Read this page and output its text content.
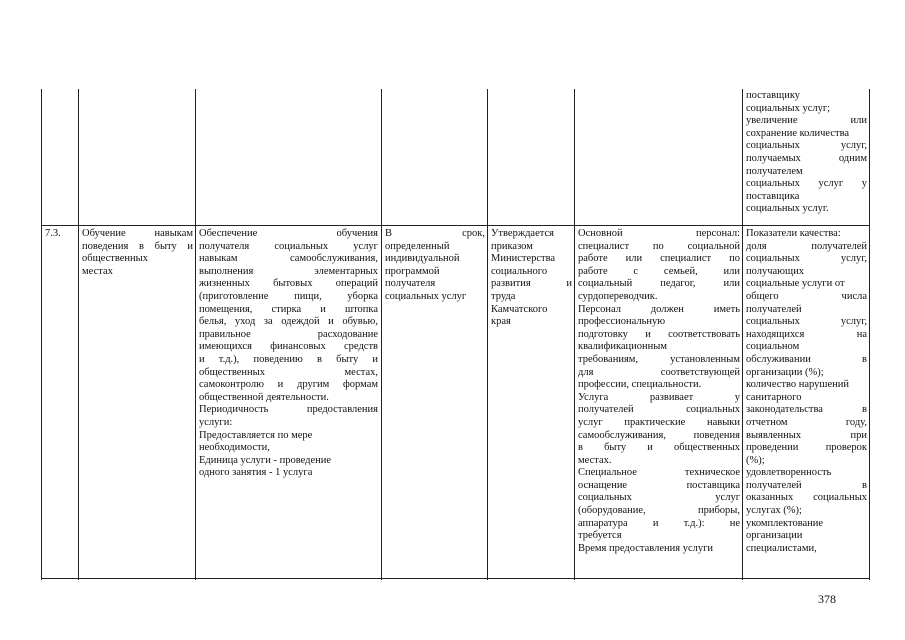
поставщику
социальных услуг;
увеличение или
сохранение количества
социальных услуг,
получаемых одним
получателем
социальных услуг у
поставщика
социальных услуг.
7.3.	Обучение навыкам
поведения в быту и
общественных
местах
Обеспечение обучения
получателя социальных услуг
навыкам самообслуживания,
выполнения элементарных
жизненных бытовых операций
(приготовление пищи, уборка
помещения, стирка и штопка
белья, уход за одеждой и обувью,
правильное расходование
имеющихся финансовых средств
и т.д.), поведению в быту и
общественных местах,
самоконтролю и другим формам
общественной деятельности.
Периодичность предоставления
услуги:
Предоставляется по мере
необходимости,
Единица услуги - проведение
одного занятия - 1 услуга
В срок,
определенный
индивидуальной
программой
получателя
социальных услуг
Утверждается
приказом
Министерства
социального
развития и
труда
Камчатского
края
Основной персонал:
специалист по социальной
работе или специалист по
работе с семьей, или
социальный педагог, или
сурдопереводчик.
Персонал должен иметь
профессиональную
подготовку и соответствовать
квалификационным
требованиям, установленным
для соответствующей
профессии, специальности.
Услуга развивает у
получателей социальных
услуг практические навыки
самообслуживания, поведения
в быту и общественных
местах.
Специальное техническое
оснащение поставщика
социальных услуг
(оборудование, приборы,
аппаратура и т.д.): не
требуется
Время предоставления услуги
Показатели качества:
доля получателей
социальных услуг,
получающих
социальные услуги от
общего числа
получателей
социальных услуг,
находящихся на
социальном
обслуживании в
организации (%);
количество нарушений
санитарного
законодательства в
отчетном году,
выявленных при
проведении проверок
(%);
удовлетворенность
получателей в
оказанных социальных
услугах (%);
укомплектование
организации
специалистами,
378
